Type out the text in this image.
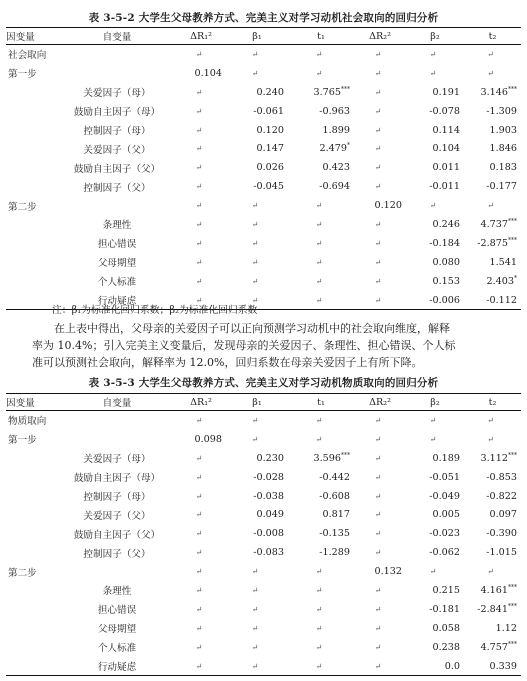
表 3-5-2 大学生父母教养方式、完美主义对学习动机社会取向的回归分析
因变量	自变量	ΔR₁²	β₁	t₁	ΔR₂²	β₂	t₂
社会取向		↵	↵	↵	↵	↵	↵
第一步		0.104	↵	↵	↵	↵	↵
	关爱因子（母）	↵	0.240	3.765***	↵	0.191	3.146***
	鼓励自主因子（母）	↵	-0.061	-0.963	↵	-0.078	-1.309
	控制因子（母）	↵	0.120	1.899	↵	0.114	1.903
	关爱因子（父）	↵	0.147	2.479*	↵	0.104	1.846
	鼓励自主因子（父）	↵	0.026	0.423	↵	0.011	0.183
	控制因子（父）	↵	-0.045	-0.694	↵	-0.011	-0.177
第二步		↵	↵	↵	0.120	↵	↵
	条理性	↵	↵	↵	↵	0.246	4.737***
	担心错误	↵	↵	↵	↵	-0.184	-2.875***
	父母期望	↵	↵	↵	↵	0.080	1.541
	个人标准	↵	↵	↵	↵	0.153	2.403*
	行动疑虑	↵	↵	↵	↵	-0.006	-0.112
注：β₁为标准化回归系数；β₂为标准化回归系数
在上表中得出，父母亲的关爱因子可以正向预测学习动机中的社会取向维度，解释
率为 10.4%；引入完美主义变量后，发现母亲的关爱因子、条理性、担心错误、个人标
准可以预测社会取向，解释率为 12.0%，回归系数在母亲关爱因子上有所下降。
表 3-5-3 大学生父母教养方式、完美主义对学习动机物质取向的回归分析
因变量	自变量	ΔR₁²	β₁	t₁	ΔR₂²	β₂	t₂
物质取向		↵	↵	↵	↵	↵	↵
第一步		0.098	↵	↵	↵	↵	↵
	关爱因子（母）	↵	0.230	3.596***	↵	0.189	3.112***
	鼓励自主因子（母）	↵	-0.028	-0.442	↵	-0.051	-0.853
	控制因子（母）	↵	-0.038	-0.608	↵	-0.049	-0.822
	关爱因子（父）	↵	0.049	0.817	↵	0.005	0.097
	鼓励自主因子（父）	↵	-0.008	-0.135	↵	-0.023	-0.390
	控制因子（父）	↵	-0.083	-1.289	↵	-0.062	-1.015
第二步		↵	↵	↵	0.132	↵	↵
	条理性	↵	↵	↵	↵	0.215	4.161***
	担心错误	↵	↵	↵	↵	-0.181	-2.841***
	父母期望	↵	↵	↵	↵	0.058	1.12
	个人标准	↵	↵	↵	↵	0.238	4.757***
	行动疑虑	↵	↵	↵	↵	0.0	0.339
